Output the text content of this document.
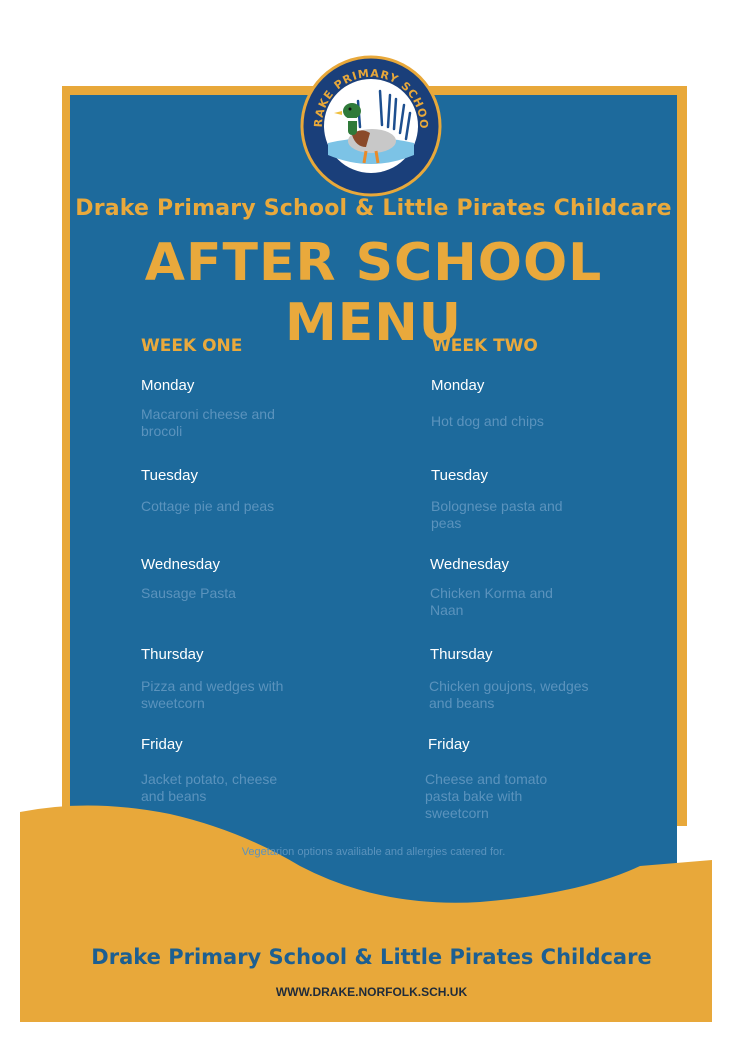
RAKE PRIMARY SCHOO
Drake Primary School & Little Pirates Childcare
AFTER SCHOOL MENU
WEEK ONE
Monday
Macaroni cheese and brocoli
Tuesday
Cottage pie and peas
Wednesday
Sausage Pasta
Thursday
Pizza and wedges with sweetcorn
Friday
Jacket potato, cheese and beans
WEEK TWO
Monday
Hot dog and chips
Tuesday
Bolognese pasta and peas
Wednesday
Chicken Korma and Naan
Thursday
Chicken goujons, wedges and beans
Friday
Cheese and tomato pasta bake with sweetcorn
Vegetarion options availiable and allergies catered for.
Drake Primary School & Little Pirates Childcare
WWW.DRAKE.NORFOLK.SCH.UK
